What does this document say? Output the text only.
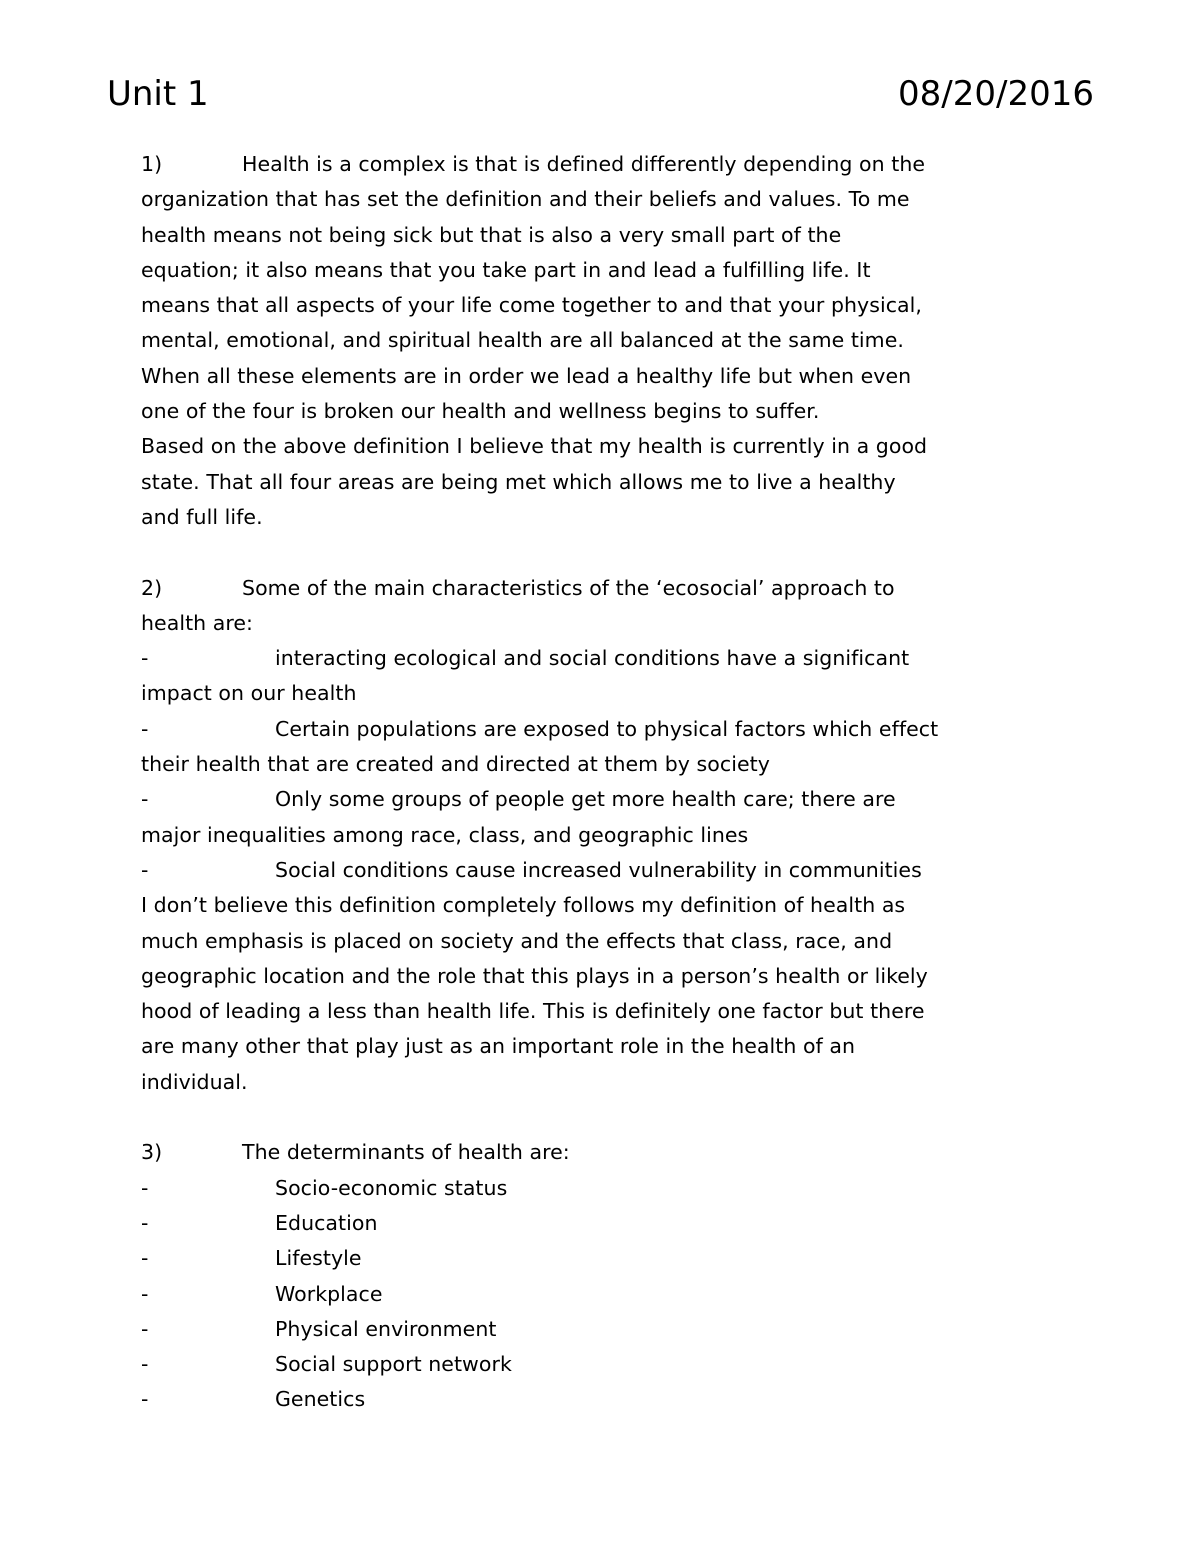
Unit 1	08/20/2016
1)	Health is a complex is that is defined differently depending on the
organization that has set the definition and their beliefs and values. To me
health means not being sick but that is also a very small part of the
equation; it also means that you take part in and lead a fulfilling life. It
means that all aspects of your life come together to and that your physical,
mental, emotional, and spiritual health are all balanced at the same time.
When all these elements are in order we lead a healthy life but when even
one of the four is broken our health and wellness begins to suffer.
Based on the above definition I believe that my health is currently in a good
state. That all four areas are being met which allows me to live a healthy
and full life.
2)	Some of the main characteristics of the ‘ecosocial’ approach to
health are:
-	interacting ecological and social conditions have a significant
impact on our health
-	Certain populations are exposed to physical factors which effect
their health that are created and directed at them by society
-	Only some groups of people get more health care; there are
major inequalities among race, class, and geographic lines
-	Social conditions cause increased vulnerability in communities
I don’t believe this definition completely follows my definition of health as
much emphasis is placed on society and the effects that class, race, and
geographic location and the role that this plays in a person’s health or likely
hood of leading a less than health life. This is definitely one factor but there
are many other that play just as an important role in the health of an
individual.
3)	The determinants of health are:
-	Socio-economic status
-	Education
-	Lifestyle
-	Workplace
-	Physical environment
-	Social support network
-	Genetics
